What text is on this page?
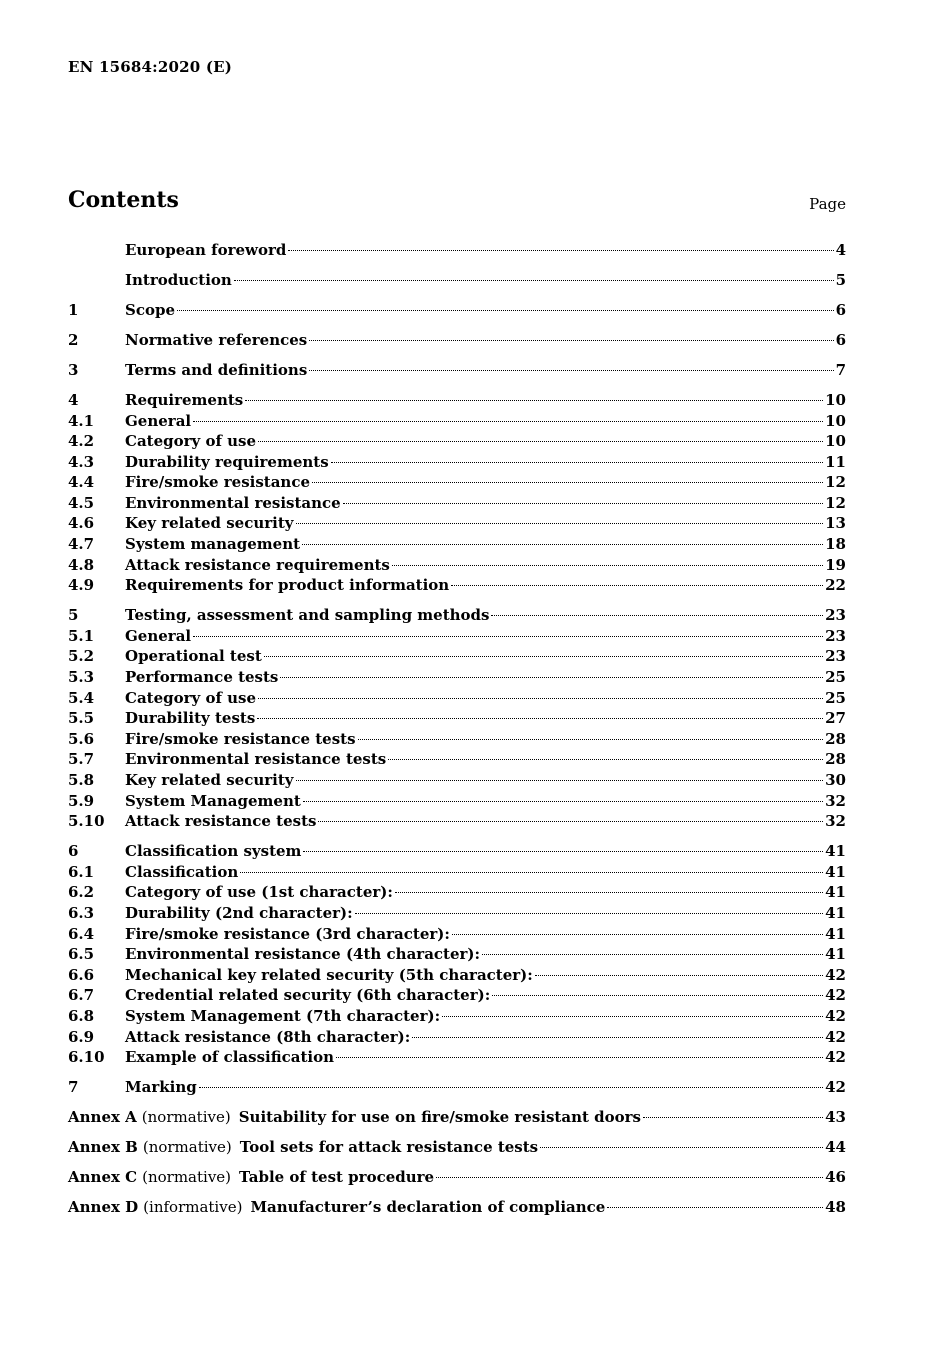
EN 15684:2020 (E)
Contents	Page
European foreword	4
Introduction	5
1	Scope	6
2	Normative references	6
3	Terms and definitions	7
4	Requirements	10
4.1	General	10
4.2	Category of use	10
4.3	Durability requirements	11
4.4	Fire/smoke resistance	12
4.5	Environmental resistance	12
4.6	Key related security	13
4.7	System management	18
4.8	Attack resistance requirements	19
4.9	Requirements for product information	22
5	Testing, assessment and sampling methods	23
5.1	General	23
5.2	Operational test	23
5.3	Performance tests	25
5.4	Category of use	25
5.5	Durability tests	27
5.6	Fire/smoke resistance tests	28
5.7	Environmental resistance tests	28
5.8	Key related security	30
5.9	System Management	32
5.10	Attack resistance tests	32
6	Classification system	41
6.1	Classification	41
6.2	Category of use (1st character):	41
6.3	Durability (2nd character):	41
6.4	Fire/smoke resistance (3rd character):	41
6.5	Environmental resistance (4th character):	41
6.6	Mechanical key related security (5th character):	42
6.7	Credential related security (6th character):	42
6.8	System Management (7th character):	42
6.9	Attack resistance (8th character):	42
6.10	Example of classification	42
7	Marking	42
Annex A (normative) Suitability for use on fire/smoke resistant doors	43
Annex B (normative) Tool sets for attack resistance tests	44
Annex C (normative) Table of test procedure	46
Annex D (informative) Manufacturer’s declaration of compliance	48
